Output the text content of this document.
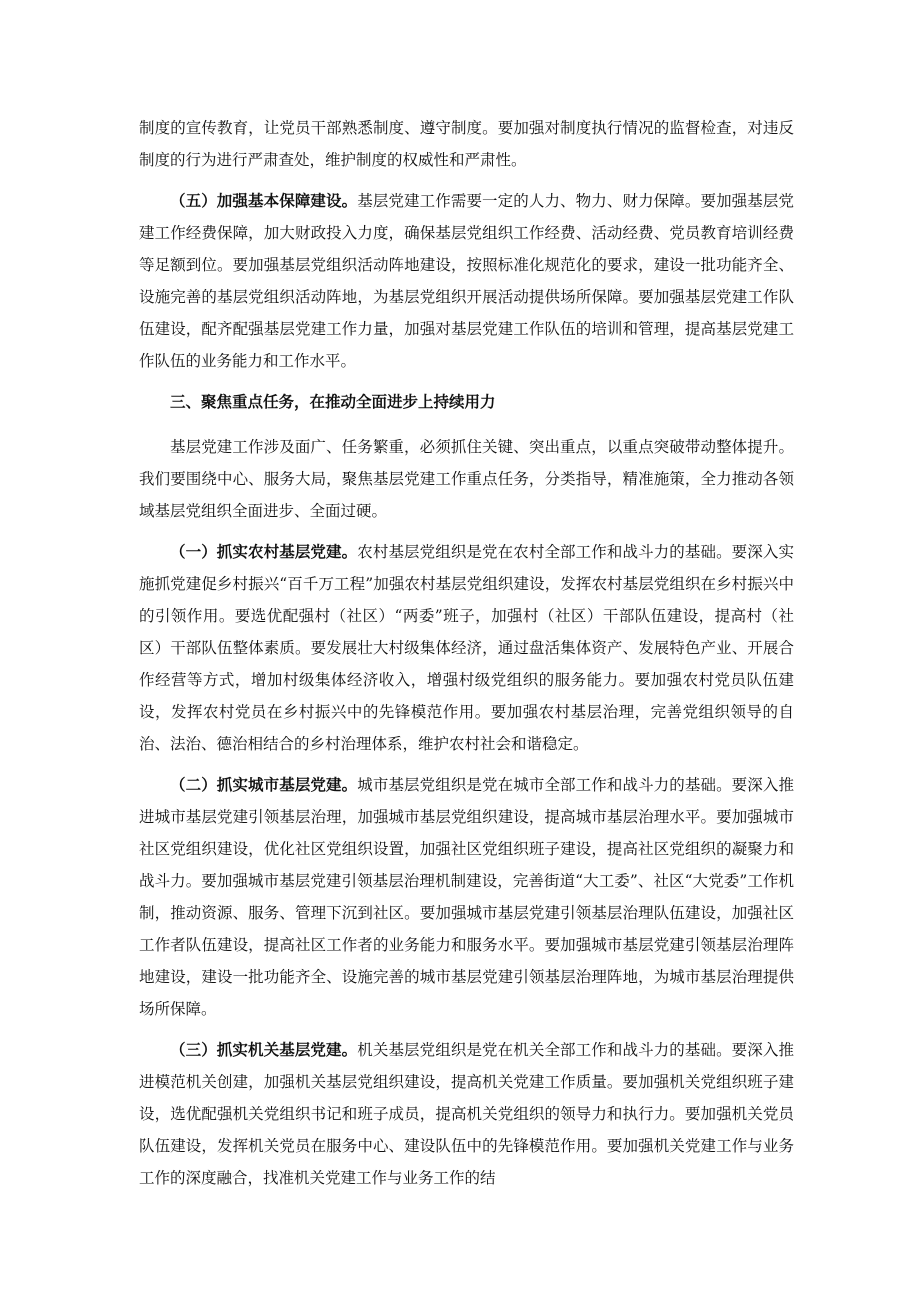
制度的宣传教育，让党员干部熟悉制度、遵守制度。要加强对制度执行情况的监督检查，对违反制度的行为进行严肃查处，维护制度的权威性和严肃性。

（五）加强基本保障建设。基层党建工作需要一定的人力、物力、财力保障。要加强基层党建工作经费保障，加大财政投入力度，确保基层党组织工作经费、活动经费、党员教育培训经费等足额到位。要加强基层党组织活动阵地建设，按照标准化规范化的要求，建设一批功能齐全、设施完善的基层党组织活动阵地，为基层党组织开展活动提供场所保障。要加强基层党建工作队伍建设，配齐配强基层党建工作力量，加强对基层党建工作队伍的培训和管理，提高基层党建工作队伍的业务能力和工作水平。

三、聚焦重点任务，在推动全面进步上持续用力

基层党建工作涉及面广、任务繁重，必须抓住关键、突出重点，以重点突破带动整体提升。我们要围绕中心、服务大局，聚焦基层党建工作重点任务，分类指导，精准施策，全力推动各领域基层党组织全面进步、全面过硬。

（一）抓实农村基层党建。农村基层党组织是党在农村全部工作和战斗力的基础。要深入实施抓党建促乡村振兴“百千万工程”加强农村基层党组织建设，发挥农村基层党组织在乡村振兴中的引领作用。要选优配强村（社区）“两委”班子，加强村（社区）干部队伍建设，提高村（社区）干部队伍整体素质。要发展壮大村级集体经济，通过盘活集体资产、发展特色产业、开展合作经营等方式，增加村级集体经济收入，增强村级党组织的服务能力。要加强农村党员队伍建设，发挥农村党员在乡村振兴中的先锋模范作用。要加强农村基层治理，完善党组织领导的自治、法治、德治相结合的乡村治理体系，维护农村社会和谐稳定。

（二）抓实城市基层党建。城市基层党组织是党在城市全部工作和战斗力的基础。要深入推进城市基层党建引领基层治理，加强城市基层党组织建设，提高城市基层治理水平。要加强城市社区党组织建设，优化社区党组织设置，加强社区党组织班子建设，提高社区党组织的凝聚力和战斗力。要加强城市基层党建引领基层治理机制建设，完善街道“大工委”、社区“大党委”工作机制，推动资源、服务、管理下沉到社区。要加强城市基层党建引领基层治理队伍建设，加强社区工作者队伍建设，提高社区工作者的业务能力和服务水平。要加强城市基层党建引领基层治理阵地建设，建设一批功能齐全、设施完善的城市基层党建引领基层治理阵地，为城市基层治理提供场所保障。

（三）抓实机关基层党建。机关基层党组织是党在机关全部工作和战斗力的基础。要深入推进模范机关创建，加强机关基层党组织建设，提高机关党建工作质量。要加强机关党组织班子建设，选优配强机关党组织书记和班子成员，提高机关党组织的领导力和执行力。要加强机关党员队伍建设，发挥机关党员在服务中心、建设队伍中的先锋模范作用。要加强机关党建工作与业务工作的深度融合，找准机关党建工作与业务工作的结
